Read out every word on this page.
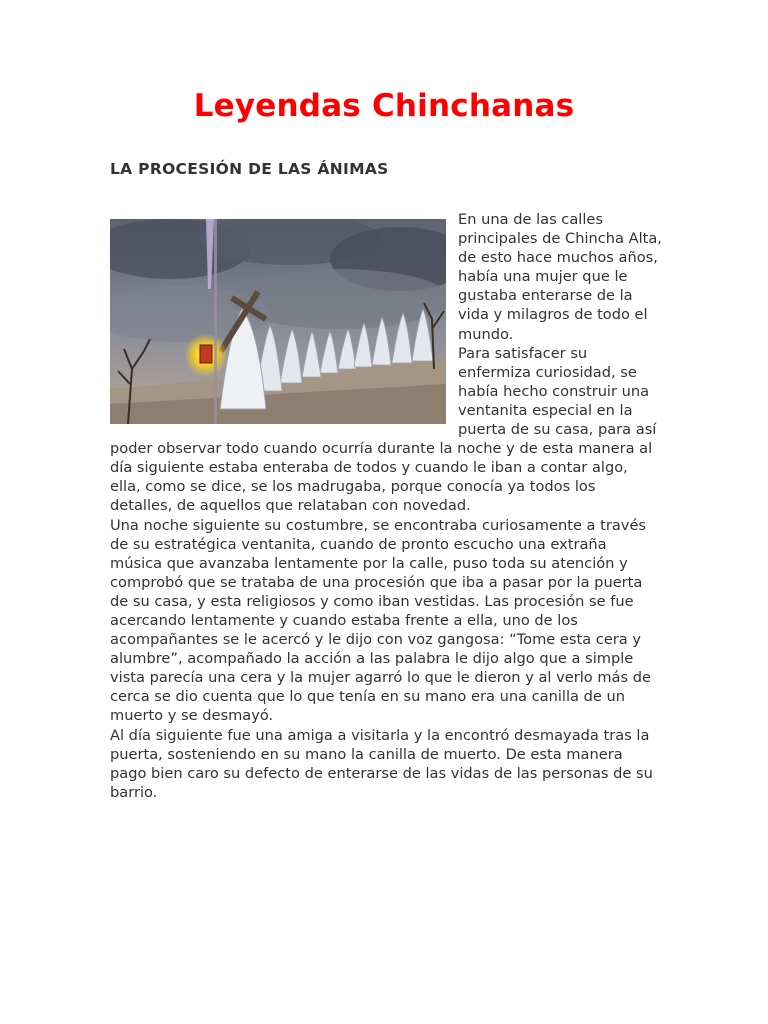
Leyendas Chinchanas
LA PROCESIÓN DE LAS ÁNIMAS

En una de las calles principales de Chincha Alta, de esto hace muchos años, había una mujer que le gustaba enterarse de la vida y milagros de todo el mundo.

Para satisfacer su enfermiza curiosidad, se había hecho construir una ventanita especial en la puerta de su casa, para así poder observar todo cuando ocurría durante la noche y de esta manera al día siguiente estaba enteraba de todos y cuando le iban a contar algo, ella, como se dice, se los madrugaba, porque conocía ya todos los detalles, de aquellos que relataban con novedad.

Una noche siguiente su costumbre, se encontraba curiosamente a través de su estratégica ventanita, cuando de pronto escucho una extraña música que avanzaba lentamente por la calle, puso toda su atención y comprobó que se trataba de una procesión que iba a pasar por la puerta de su casa, y esta religiosos y como iban vestidas. Las procesión se fue acercando lentamente y cuando estaba frente a ella, uno de los acompañantes se le acercó y le dijo con voz gangosa: “Tome esta cera y alumbre”, acompañado la acción a las palabra le dijo algo que a simple vista parecía una cera y la mujer agarró lo que le dieron y al verlo más de cerca se dio cuenta que lo que tenía en su mano era una canilla de un muerto y se desmayó.

Al día siguiente fue una amiga a visitarla y la encontró desmayada tras la puerta, sosteniendo en su mano la canilla de muerto. De esta manera pago bien caro su defecto de enterarse de las vidas de las personas de su barrio.
